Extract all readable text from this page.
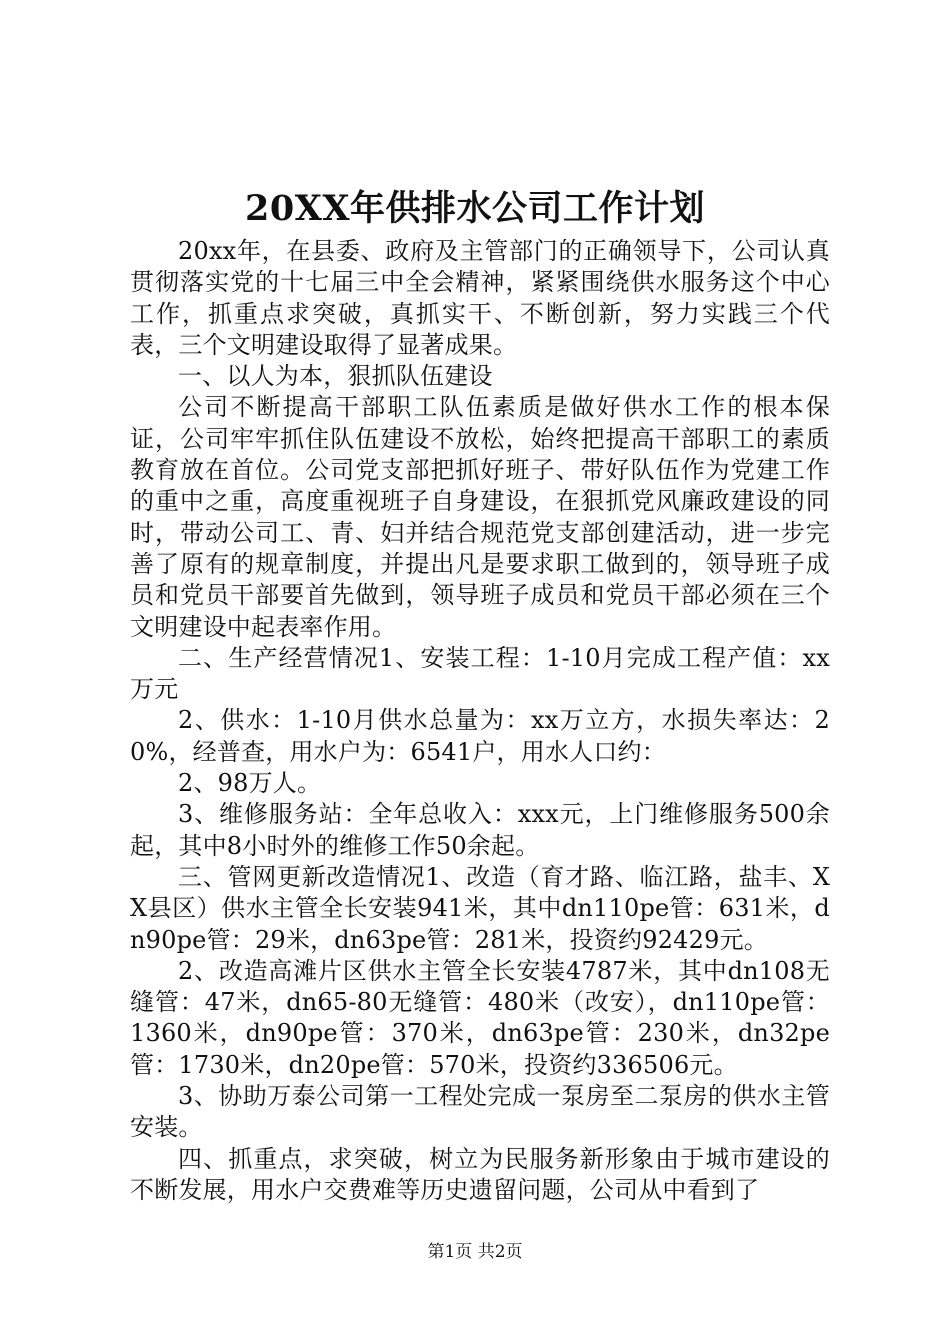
20XX年供排水公司工作计划

20xx年，在县委、政府及主管部门的正确领导下，公司认真贯彻落实党的十七届三中全会精神，紧紧围绕供水服务这个中心工作，抓重点求突破，真抓实干、不断创新，努力实践三个代表，三个文明建设取得了显著成果。

一、以人为本，狠抓队伍建设

公司不断提高干部职工队伍素质是做好供水工作的根本保证，公司牢牢抓住队伍建设不放松，始终把提高干部职工的素质教育放在首位。公司党支部把抓好班子、带好队伍作为党建工作的重中之重，高度重视班子自身建设，在狠抓党风廉政建设的同时，带动公司工、青、妇并结合规范党支部创建活动，进一步完善了原有的规章制度，并提出凡是要求职工做到的，领导班子成员和党员干部要首先做到，领导班子成员和党员干部必须在三个文明建设中起表率作用。

二、生产经营情况1、安装工程：1-10月完成工程产值：xx万元

2、供水：1-10月供水总量为：xx万立方，水损失率达：20%，经普查，用水户为：6541户，用水人口约：

2、98万人。

3、维修服务站：全年总收入：xxx元，上门维修服务500余起，其中8小时外的维修工作50余起。

三、管网更新改造情况1、改造（育才路、临江路，盐丰、XX县区）供水主管全长安装941米，其中dn110pe管：631米，dn90pe管：29米，dn63pe管：281米，投资约92429元。

2、改造高滩片区供水主管全长安装4787米，其中dn108无缝管：47米，dn65-80无缝管：480米（改安），dn110pe管：1360米，dn90pe管：370米，dn63pe管：230米，dn32pe管：1730米，dn20pe管：570米，投资约336506元。

3、协助万泰公司第一工程处完成一泵房至二泵房的供水主管安装。

四、抓重点，求突破，树立为民服务新形象由于城市建设的不断发展，用水户交费难等历史遗留问题，公司从中看到了

第1页 共2页
